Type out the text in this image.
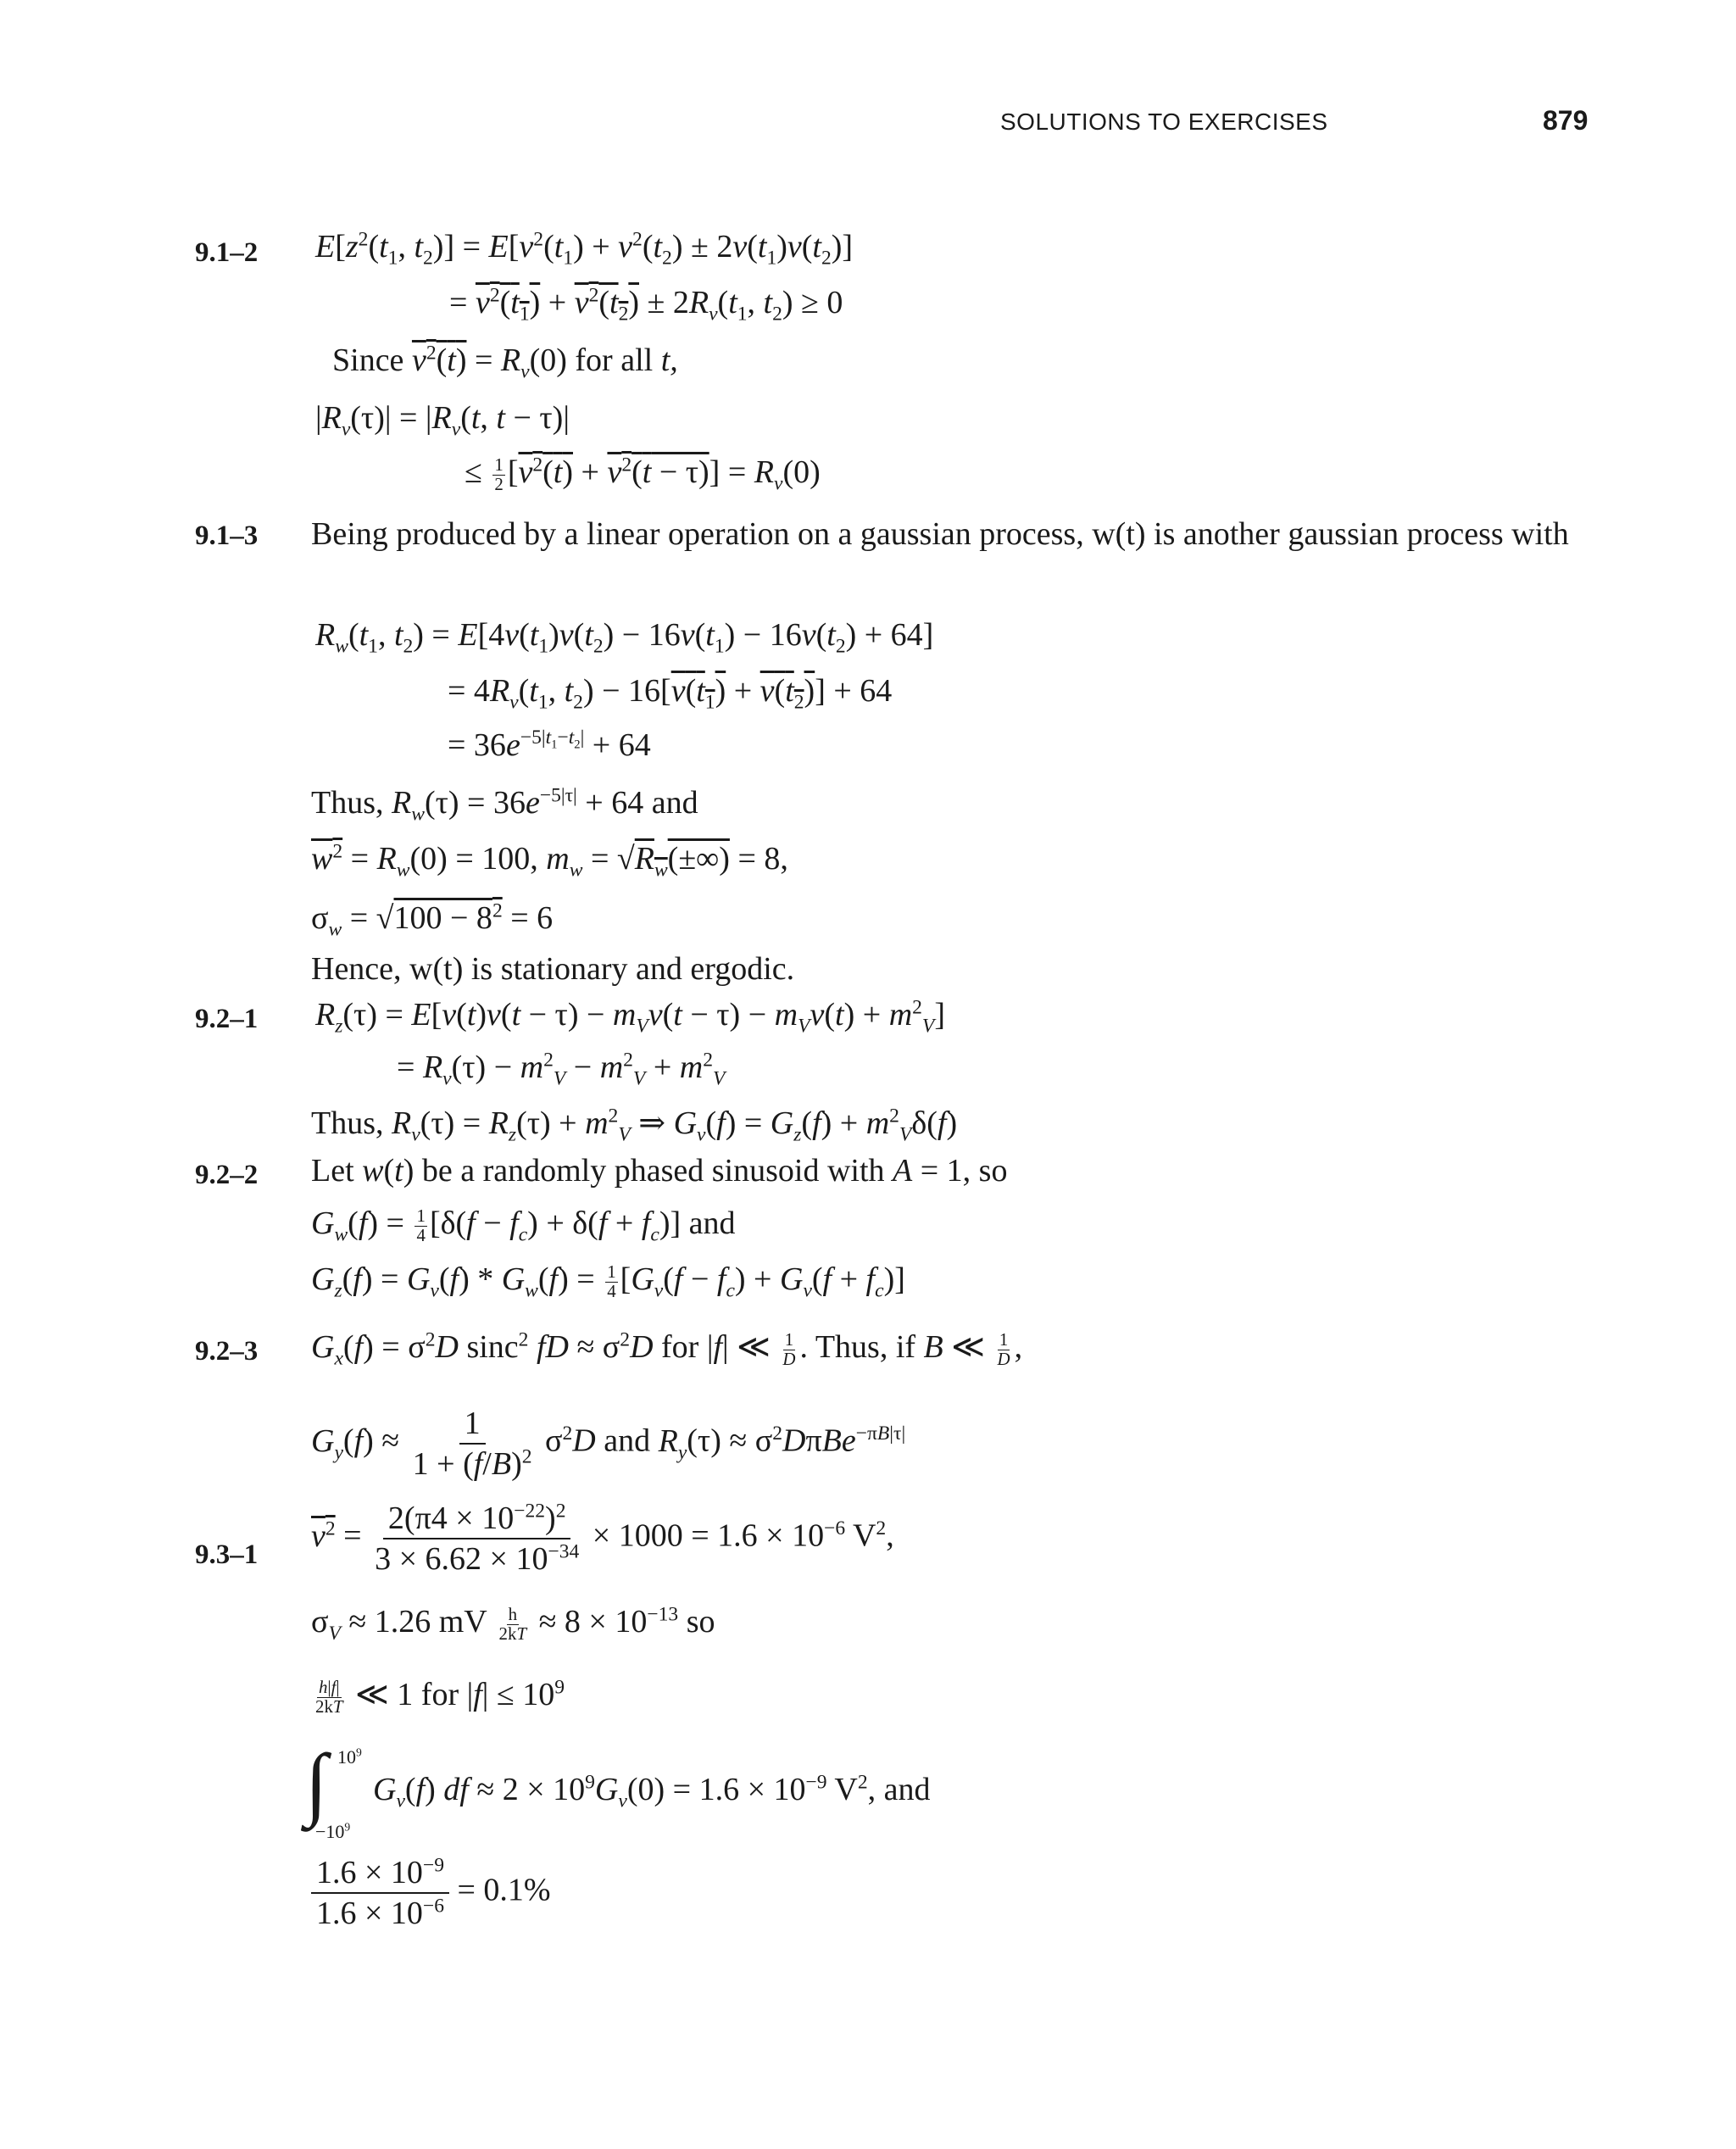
SOLUTIONS TO EXERCISES	879
9.1–2 $E[z^2(t_1$, $t_2)] = E[v^2(t_1) + v^2(t_2) \pm 2v(t_1)v(t_2)]$
= $v^2(t_1) + v^2(t_2) \pm 2R_v(t_1$, $t_2) \ge 0$
Since $v^2(t) = R_v(0)$ for all t,
$|R_v(\tau)| = |R_v(t$, t − τ)|
≤ $\frac{1}{2} [v^2(t) + v^2(t - \tau)] = R_v(0)$
9.1–3 Being produced by a linear operation on a gaussian process, w(t) is another gaussian process with
$R_w(t_1$, $t_2) = E[4v(t_1)v(t_2) - 16v(t_1) - 16v(t_2) + 64]$
= $4R_v(t_1$, $t_2) - 16[v(t_1) + v(t_2)] + 64$
= $36e^{-5|t_1-t_2|} + 64$
Thus, $R_w(\tau) = 36e^{-5|\tau|} + 64$ and
$w^2 = R_w(0) = 100$, $m_w = √R_w(\pm\infty) = 8$,
$\sigma_w = √100 - 8^2 = 6$
Hence, w(t) is stationary and ergodic.
9.2–1 $R_z(\tau) = E[v(t)v(t - \tau) - m_Vv(t - \tau) - m_Vv(t) + m^2_V]$
= $R_v(\tau) - m^2_V - m^2_V + m^2_V$
Thus, $R_v(\tau) = R_z(\tau) + m^2_V$ ⇒ $G_v(f) = G_z(f) + m^2_V\delta(f)$
9.2–2 Let w(t) be a randomly phased sinusoid with A = 1, so
$G_w(f) = \frac{1}{4} [\delta(f - f_c) + \delta(f + f_c)]$ and
$G_z(f) = G_v(f) * G_w(f) = \frac{1}{4} [G_v(f - f_c) + G_v(f + f_c)]$
9.2–3 $G_x(f) = \sigma^2D$ sinc$^2$ fD ≈ $\sigma^2D$ for |f| ≪ $\frac{1}{D}$ . Thus, if B ≪ $\frac{1}{D}$ ,
$G_y(f) \approx \frac{1}{1 + (f/B)^2} \sigma^2D$ and $R_y(\tau) \approx \sigma^2D\pi Be^{-\pi B|\tau|}$
9.3–1
$v^2 = \frac{2(\pi 4 \times 10^{-22})^2}{3 \times 6.62 \times 10^{-34}} \times 1000 = 1.6 \times 10^{-6}$ $V^2$,
$\sigma_V \approx 1.26$ mV $\frac{h}{2kT} \approx 8 \times 10^{-13}$ so
$\frac{h|f|}{2kT}$ ≪ 1 for $|f| \le 10^9$
∫ $10^9$
$-10^9$
$G_v(f)$ df ≈ $2 \times 10^9G_v(0) = 1.6 \times 10^{-9}$ $V^2$, and
$\frac{1.6 \times 10^{-9}}{1.6 \times 10^{-6}} = 0.1\%$
